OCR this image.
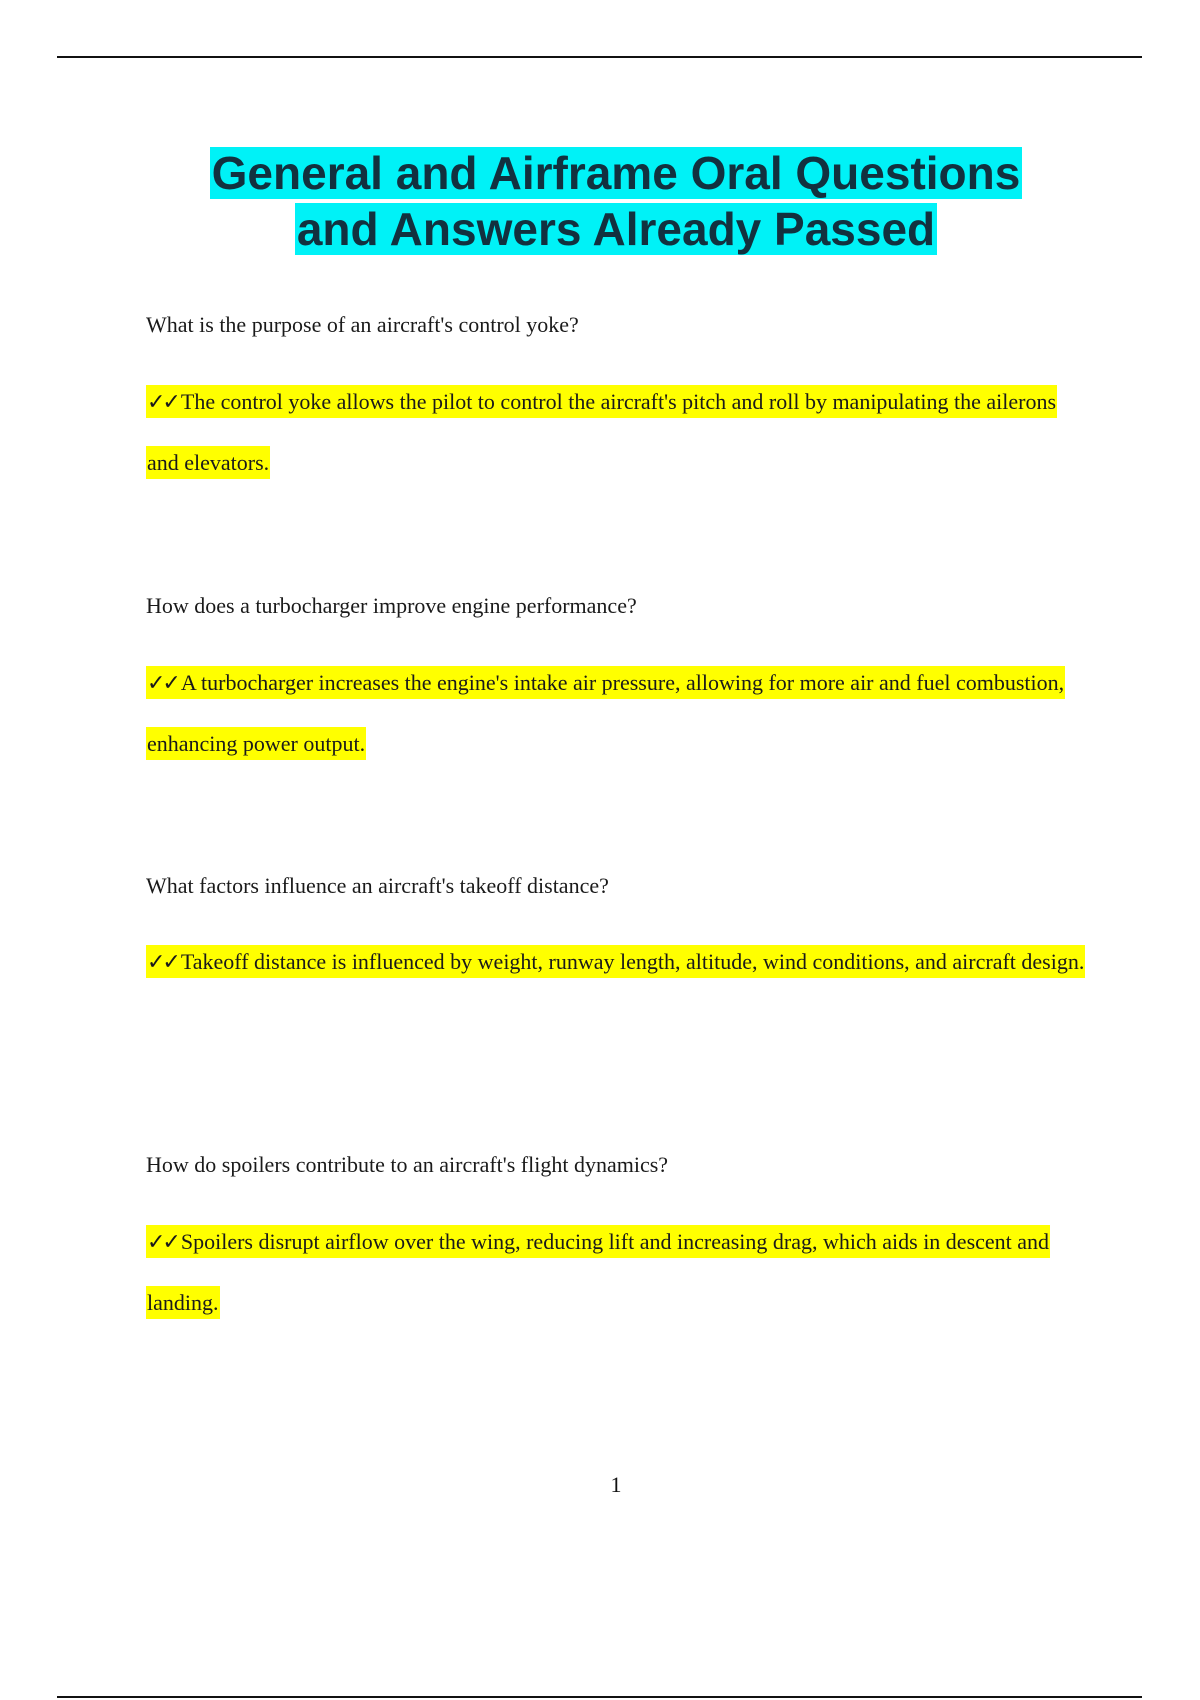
General and Airframe Oral Questions
and Answers Already Passed

What is the purpose of an aircraft's control yoke?

✓✓ The control yoke allows the pilot to control the aircraft's pitch and roll by manipulating the ailerons and elevators.

How does a turbocharger improve engine performance?

✓✓ A turbocharger increases the engine's intake air pressure, allowing for more air and fuel combustion, enhancing power output.

What factors influence an aircraft's takeoff distance?

✓✓ Takeoff distance is influenced by weight, runway length, altitude, wind conditions, and aircraft design.

How do spoilers contribute to an aircraft's flight dynamics?

✓✓ Spoilers disrupt airflow over the wing, reducing lift and increasing drag, which aids in descent and landing.

1
